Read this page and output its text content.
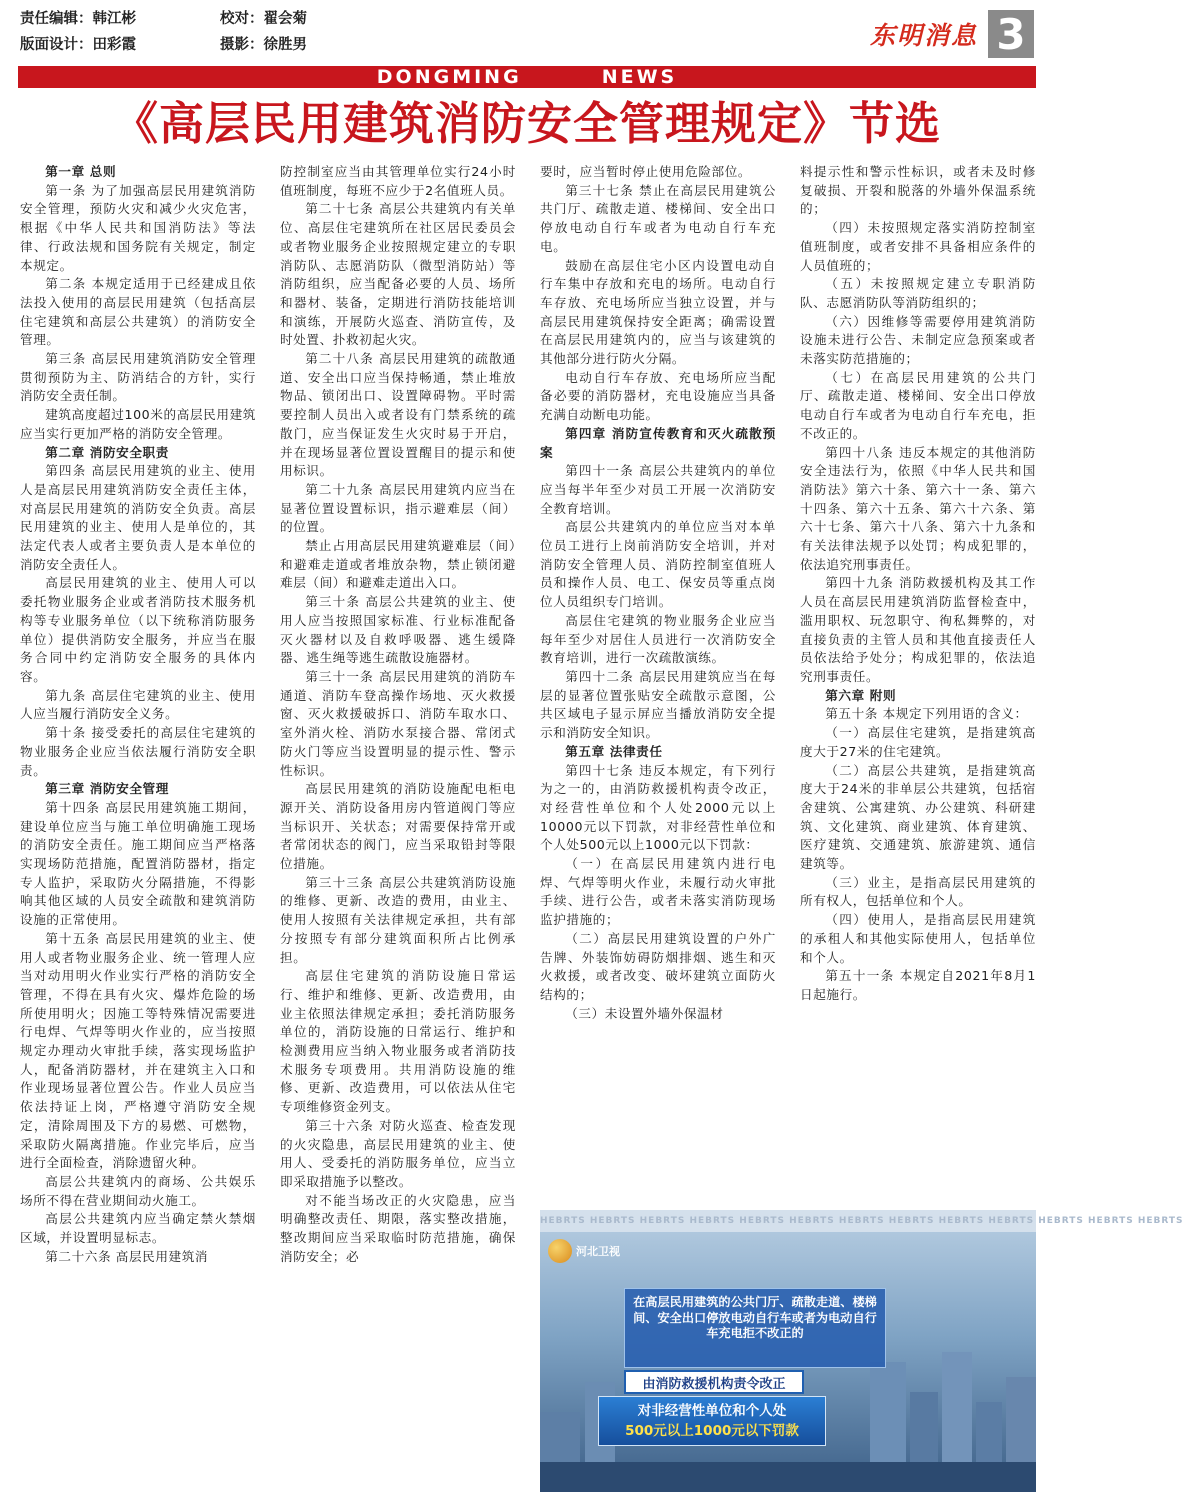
责任编辑：韩江彬	校对：翟会菊
版面设计：田彩霞	摄影：徐胜男	东明消息 3
DONGMING	NEWS
《高层民用建筑消防安全管理规定》节选

第一章 总则

第一条 为了加强高层民用建筑消防安全管理，预防火灾和减少火灾危害，根据《中华人民共和国消防法》等法律、行政法规和国务院有关规定，制定本规定。

第二条 本规定适用于已经建成且依法投入使用的高层民用建筑（包括高层住宅建筑和高层公共建筑）的消防安全管理。

第三条 高层民用建筑消防安全管理贯彻预防为主、防消结合的方针，实行消防安全责任制。

建筑高度超过100米的高层民用建筑应当实行更加严格的消防安全管理。

第二章 消防安全职责

第四条 高层民用建筑的业主、使用人是高层民用建筑消防安全责任主体，对高层民用建筑的消防安全负责。高层民用建筑的业主、使用人是单位的，其法定代表人或者主要负责人是本单位的消防安全责任人。

高层民用建筑的业主、使用人可以委托物业服务企业或者消防技术服务机构等专业服务单位（以下统称消防服务单位）提供消防安全服务，并应当在服务合同中约定消防安全服务的具体内容。

第九条 高层住宅建筑的业主、使用人应当履行消防安全义务。

第十条 接受委托的高层住宅建筑的物业服务企业应当依法履行消防安全职责。

第三章 消防安全管理

第十四条 高层民用建筑施工期间，建设单位应当与施工单位明确施工现场的消防安全责任。施工期间应当严格落实现场防范措施，配置消防器材，指定专人监护，采取防火分隔措施，不得影响其他区域的人员安全疏散和建筑消防设施的正常使用。

第十五条 高层民用建筑的业主、使用人或者物业服务企业、统一管理人应当对动用明火作业实行严格的消防安全管理，不得在具有火灾、爆炸危险的场所使用明火；因施工等特殊情况需要进行电焊、气焊等明火作业的，应当按照规定办理动火审批手续，落实现场监护人，配备消防器材，并在建筑主入口和作业现场显著位置公告。作业人员应当依法持证上岗，严格遵守消防安全规定，清除周围及下方的易燃、可燃物，采取防火隔离措施。作业完毕后，应当进行全面检查，消除遗留火种。

高层公共建筑内的商场、公共娱乐场所不得在营业期间动火施工。

高层公共建筑内应当确定禁火禁烟区域，并设置明显标志。

第二十六条 高层民用建筑消

防控制室应当由其管理单位实行24小时值班制度，每班不应少于2名值班人员。

第二十七条 高层公共建筑内有关单位、高层住宅建筑所在社区居民委员会或者物业服务企业按照规定建立的专职消防队、志愿消防队（微型消防站）等消防组织，应当配备必要的人员、场所和器材、装备，定期进行消防技能培训和演练，开展防火巡查、消防宣传，及时处置、扑救初起火灾。

第二十八条 高层民用建筑的疏散通道、安全出口应当保持畅通，禁止堆放物品、锁闭出口、设置障碍物。平时需要控制人员出入或者设有门禁系统的疏散门，应当保证发生火灾时易于开启，并在现场显著位置设置醒目的提示和使用标识。

第二十九条 高层民用建筑内应当在显著位置设置标识，指示避难层（间）的位置。

禁止占用高层民用建筑避难层（间）和避难走道或者堆放杂物，禁止锁闭避难层（间）和避难走道出入口。

第三十条 高层公共建筑的业主、使用人应当按照国家标准、行业标准配备灭火器材以及自救呼吸器、逃生缓降器、逃生绳等逃生疏散设施器材。

第三十一条 高层民用建筑的消防车通道、消防车登高操作场地、灭火救援窗、灭火救援破拆口、消防车取水口、室外消火栓、消防水泵接合器、常闭式防火门等应当设置明显的提示性、警示性标识。

高层民用建筑的消防设施配电柜电源开关、消防设备用房内管道阀门等应当标识开、关状态；对需要保持常开或者常闭状态的阀门，应当采取铅封等限位措施。

第三十三条 高层公共建筑消防设施的维修、更新、改造的费用，由业主、使用人按照有关法律规定承担，共有部分按照专有部分建筑面积所占比例承担。

高层住宅建筑的消防设施日常运行、维护和维修、更新、改造费用，由业主依照法律规定承担；委托消防服务单位的，消防设施的日常运行、维护和检测费用应当纳入物业服务或者消防技术服务专项费用。共用消防设施的维修、更新、改造费用，可以依法从住宅专项维修资金列支。

第三十六条 对防火巡查、检查发现的火灾隐患，高层民用建筑的业主、使用人、受委托的消防服务单位，应当立即采取措施予以整改。

对不能当场改正的火灾隐患，应当明确整改责任、期限，落实整改措施，整改期间应当采取临时防范措施，确保消防安全；必

要时，应当暂时停止使用危险部位。

第三十七条 禁止在高层民用建筑公共门厅、疏散走道、楼梯间、安全出口停放电动自行车或者为电动自行车充电。

鼓励在高层住宅小区内设置电动自行车集中存放和充电的场所。电动自行车存放、充电场所应当独立设置，并与高层民用建筑保持安全距离；确需设置在高层民用建筑内的，应当与该建筑的其他部分进行防火分隔。

电动自行车存放、充电场所应当配备必要的消防器材，充电设施应当具备充满自动断电功能。

第四章 消防宣传教育和灭火疏散预案

第四十一条 高层公共建筑内的单位应当每半年至少对员工开展一次消防安全教育培训。

高层公共建筑内的单位应当对本单位员工进行上岗前消防安全培训，并对消防安全管理人员、消防控制室值班人员和操作人员、电工、保安员等重点岗位人员组织专门培训。

高层住宅建筑的物业服务企业应当每年至少对居住人员进行一次消防安全教育培训，进行一次疏散演练。

第四十二条 高层民用建筑应当在每层的显著位置张贴安全疏散示意图，公共区域电子显示屏应当播放消防安全提示和消防安全知识。

第五章 法律责任

第四十七条 违反本规定，有下列行为之一的，由消防救援机构责令改正，对经营性单位和个人处2000元以上10000元以下罚款，对非经营性单位和个人处500元以上1000元以下罚款：

（一）在高层民用建筑内进行电焊、气焊等明火作业，未履行动火审批手续、进行公告，或者未落实消防现场监护措施的；

（二）高层民用建筑设置的户外广告牌、外装饰妨碍防烟排烟、逃生和灭火救援，或者改变、破坏建筑立面防火结构的；

（三）未设置外墙外保温材

料提示性和警示性标识，或者未及时修复破损、开裂和脱落的外墙外保温系统的；

（四）未按照规定落实消防控制室值班制度，或者安排不具备相应条件的人员值班的；

（五）未按照规定建立专职消防队、志愿消防队等消防组织的；

（六）因维修等需要停用建筑消防设施未进行公告、未制定应急预案或者未落实防范措施的；

（七）在高层民用建筑的公共门厅、疏散走道、楼梯间、安全出口停放电动自行车或者为电动自行车充电，拒不改正的。

第四十八条 违反本规定的其他消防安全违法行为，依照《中华人民共和国消防法》第六十条、第六十一条、第六十四条、第六十五条、第六十六条、第六十七条、第六十八条、第六十九条和有关法律法规予以处罚；构成犯罪的，依法追究刑事责任。

第四十九条 消防救援机构及其工作人员在高层民用建筑消防监督检查中，滥用职权、玩忽职守、徇私舞弊的，对直接负责的主管人员和其他直接责任人员依法给予处分；构成犯罪的，依法追究刑事责任。

第六章 附则

第五十条 本规定下列用语的含义：

（一）高层住宅建筑，是指建筑高度大于27米的住宅建筑。

（二）高层公共建筑，是指建筑高度大于24米的非单层公共建筑，包括宿舍建筑、公寓建筑、办公建筑、科研建筑、文化建筑、商业建筑、体育建筑、医疗建筑、交通建筑、旅游建筑、通信建筑等。

（三）业主，是指高层民用建筑的所有权人，包括单位和个人。

（四）使用人，是指高层民用建筑的承租人和其他实际使用人，包括单位和个人。

第五十一条 本规定自2021年8月1日起施行。

HEBRTS HEBRTS HEBRTS HEBRTS HEBRTS HEBRTS HEBRTS HEBRTS HEBRTS HEBRTS HEBRTS HEBRTS HEBRTS
河北卫视
在高层民用建筑的公共门厅、疏散走道、楼梯间、安全出口停放电动自行车或者为电动自行车充电拒不改正的
由消防救援机构责令改正
对非经营性单位和个人处
500元以上1000元以下罚款
